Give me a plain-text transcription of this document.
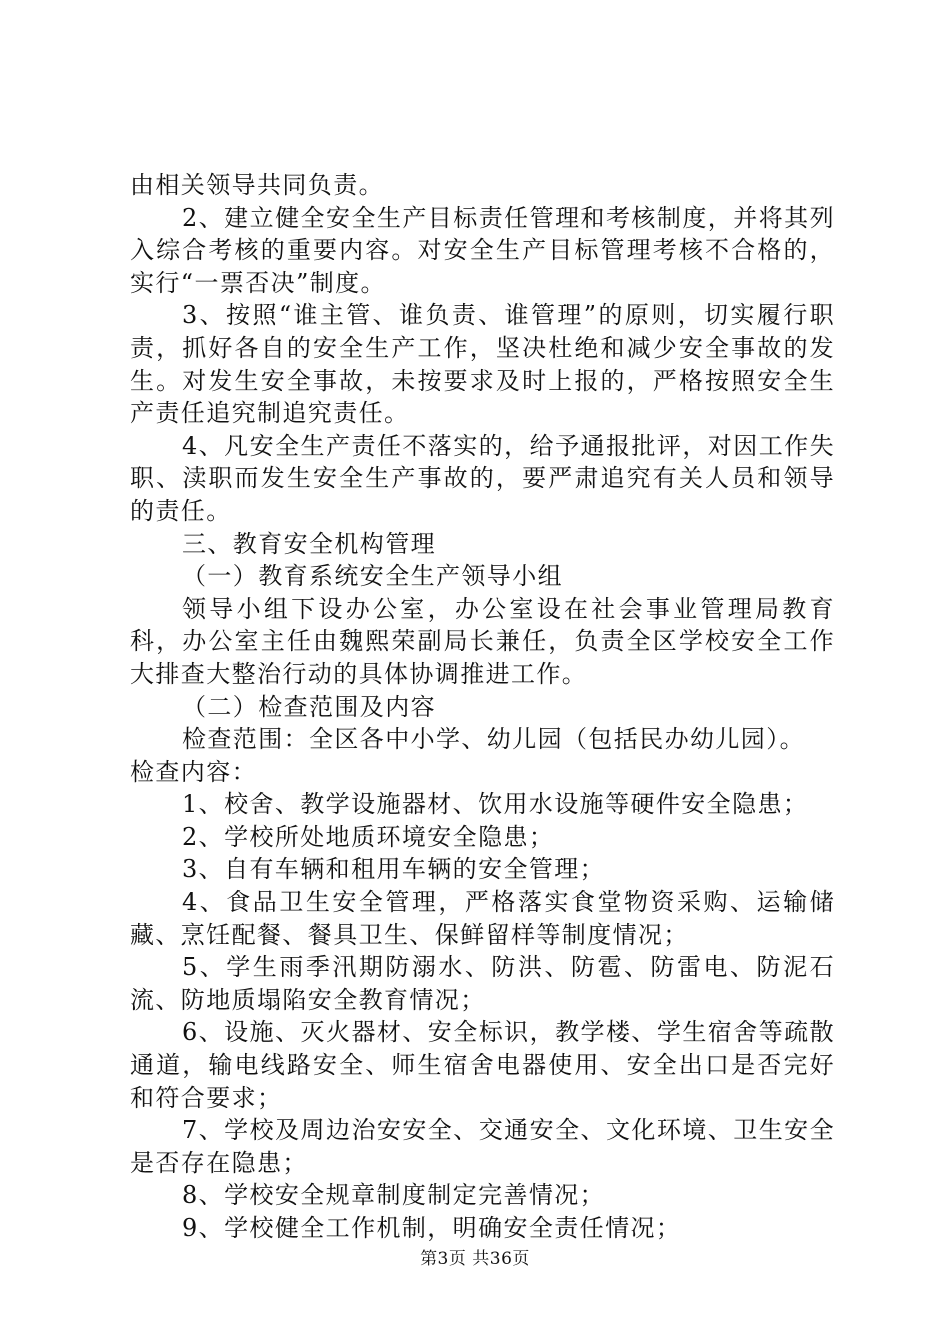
由相关领导共同负责。

2、建立健全安全生产目标责任管理和考核制度，并将其列入综合考核的重要内容。对安全生产目标管理考核不合格的，实行“一票否决”制度。

3、按照“谁主管、谁负责、谁管理”的原则，切实履行职责，抓好各自的安全生产工作，坚决杜绝和减少安全事故的发生。对发生安全事故，未按要求及时上报的，严格按照安全生产责任追究制追究责任。

4、凡安全生产责任不落实的，给予通报批评，对因工作失职、渎职而发生安全生产事故的，要严肃追究有关人员和领导的责任。

三、教育安全机构管理

（一）教育系统安全生产领导小组

领导小组下设办公室，办公室设在社会事业管理局教育科，办公室主任由魏熙荣副局长兼任，负责全区学校安全工作大排查大整治行动的具体协调推进工作。

（二）检查范围及内容

检查范围：全区各中小学、幼儿园（包括民办幼儿园）。

检查内容：

1、校舍、教学设施器材、饮用水设施等硬件安全隐患；

2、学校所处地质环境安全隐患；

3、自有车辆和租用车辆的安全管理；

4、食品卫生安全管理，严格落实食堂物资采购、运输储藏、烹饪配餐、餐具卫生、保鲜留样等制度情况；

5、学生雨季汛期防溺水、防洪、防雹、防雷电、防泥石流、防地质塌陷安全教育情况；

6、设施、灭火器材、安全标识，教学楼、学生宿舍等疏散通道，输电线路安全、师生宿舍电器使用、安全出口是否完好和符合要求；

7、学校及周边治安安全、交通安全、文化环境、卫生安全是否存在隐患；

8、学校安全规章制度制定完善情况；

9、学校健全工作机制，明确安全责任情况；

第3页 共36页
